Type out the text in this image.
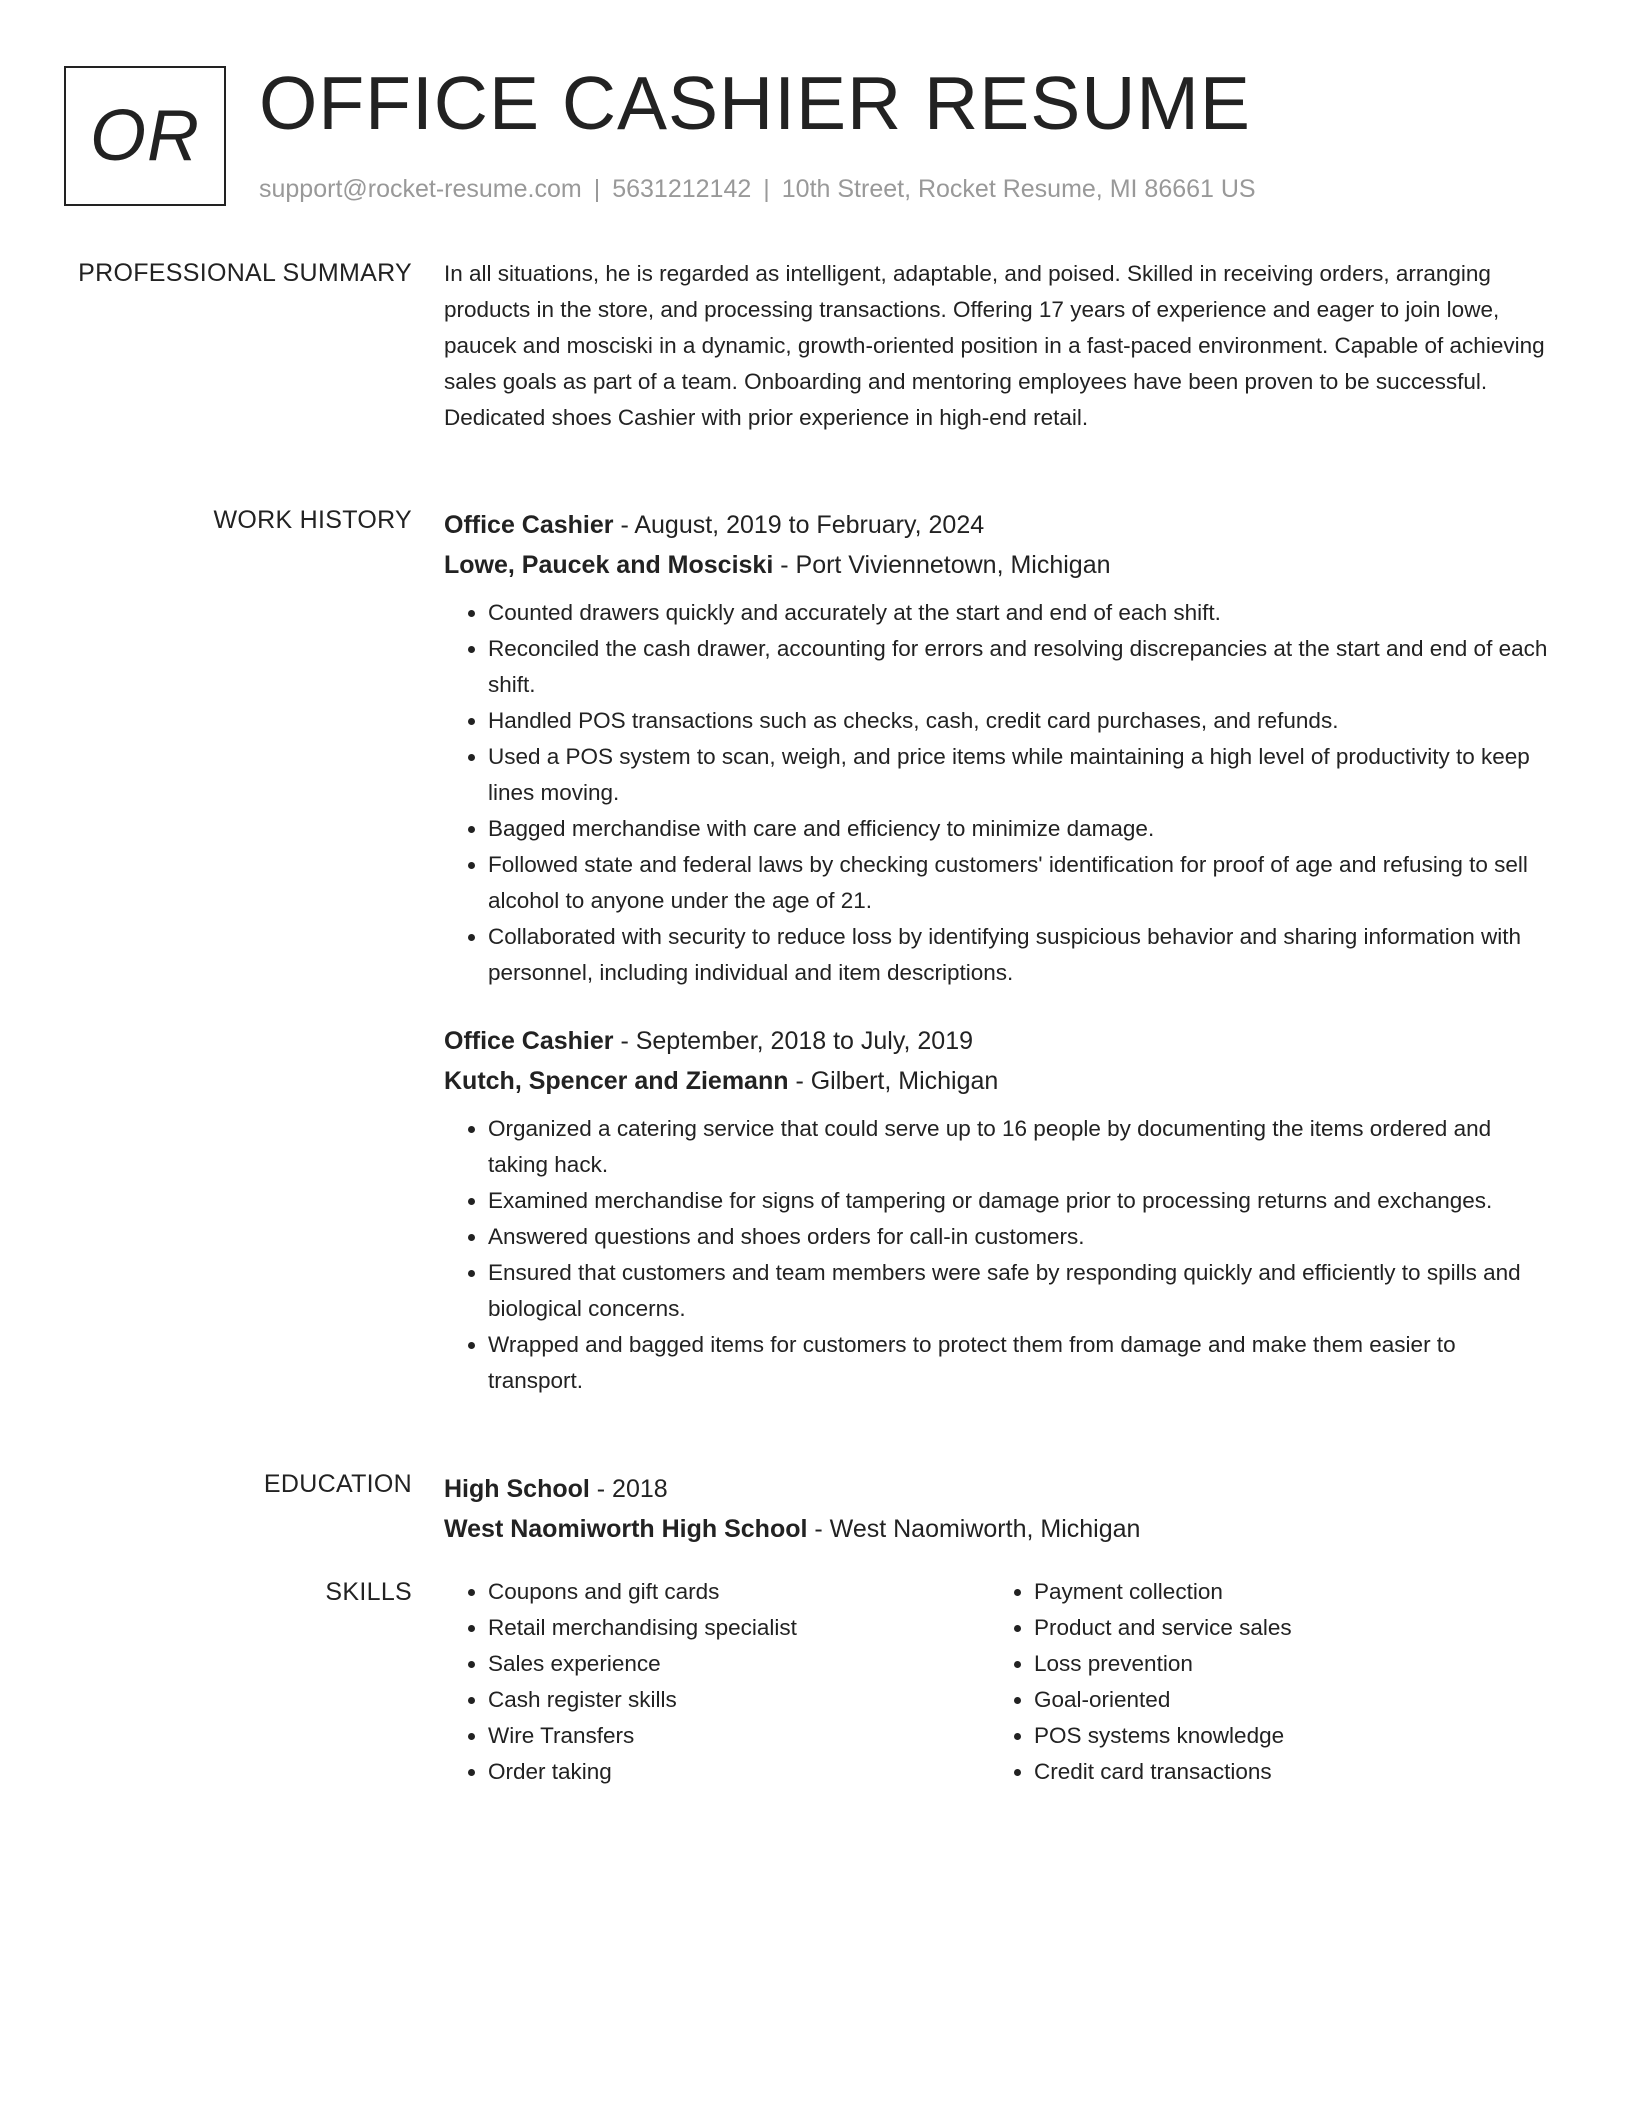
OR OFFICE CASHIER RESUME
support@rocket-resume.com | 5631212142 | 10th Street, Rocket Resume, MI 86661 US
PROFESSIONAL SUMMARY In all situations, he is regarded as intelligent, adaptable, and poised. Skilled in receiving orders, arranging products in the store, and processing transactions. Offering 17 years of experience and eager to join lowe, paucek and mosciski in a dynamic, growth-oriented position in a fast-paced environment. Capable of achieving sales goals as part of a team. Onboarding and mentoring employees have been proven to be successful. Dedicated shoes Cashier with prior experience in high-end retail.

WORK HISTORY Office Cashier - August, 2019 to February, 2024
Lowe, Paucek and Mosciski - Port Viviennetown, Michigan
• Counted drawers quickly and accurately at the start and end of each shift.
• Reconciled the cash drawer, accounting for errors and resolving discrepancies at the start and end of each shift.
• Handled POS transactions such as checks, cash, credit card purchases, and refunds.
• Used a POS system to scan, weigh, and price items while maintaining a high level of productivity to keep lines moving.
• Bagged merchandise with care and efficiency to minimize damage.
• Followed state and federal laws by checking customers' identification for proof of age and refusing to sell alcohol to anyone under the age of 21.
• Collaborated with security to reduce loss by identifying suspicious behavior and sharing information with personnel, including individual and item descriptions.
Office Cashier - September, 2018 to July, 2019
Kutch, Spencer and Ziemann - Gilbert, Michigan
• Organized a catering service that could serve up to 16 people by documenting the items ordered and taking hack.
• Examined merchandise for signs of tampering or damage prior to processing returns and exchanges.
• Answered questions and shoes orders for call-in customers.
• Ensured that customers and team members were safe by responding quickly and efficiently to spills and biological concerns.
• Wrapped and bagged items for customers to protect them from damage and make them easier to transport.
EDUCATION High School - 2018
West Naomiworth High School - West Naomiworth, Michigan
SKILLS
•	Coupons and gift cards
• Retail merchandising specialist
• Sales experience
• Cash register skills
• Wire Transfers
• Order taking
• Payment collection
• Product and service sales
• Loss prevention
• Goal-oriented
• POS systems knowledge
• Credit card transactions
